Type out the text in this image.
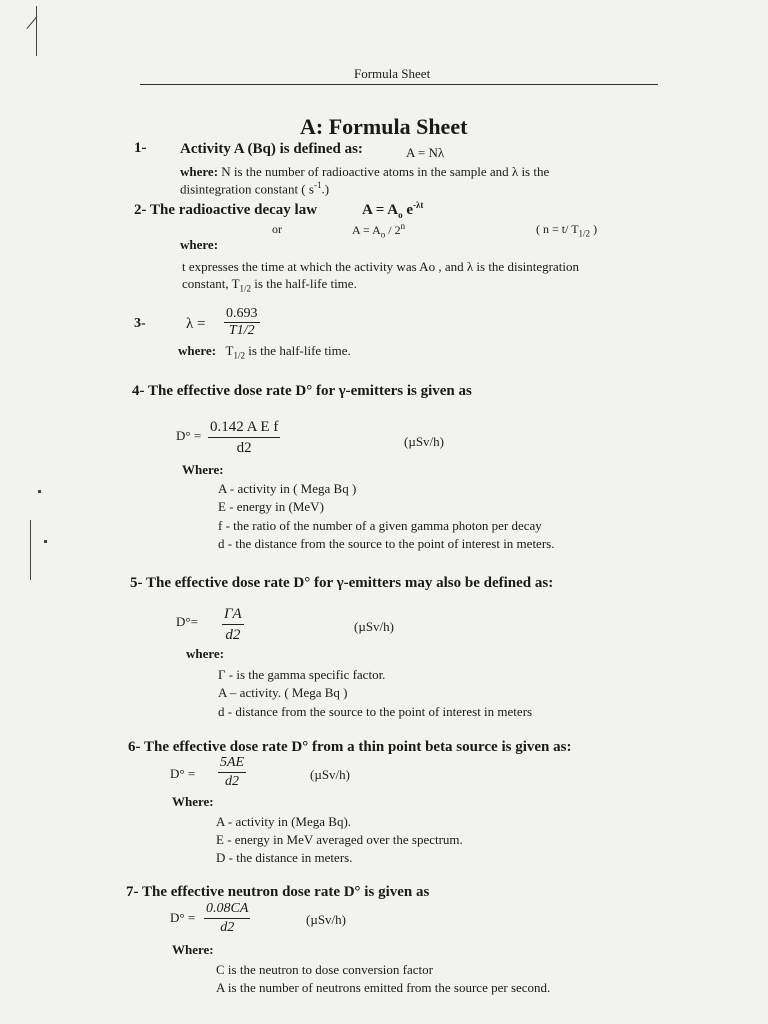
Formula Sheet
A: Formula Sheet
1- Activity A (Bq) is defined as:	A = Nλ
where: N is the number of radioactive atoms in the sample and λ is the
disintegration constant ( $s^{-1}$.)
2- The radioactive decay law	$A = A_o$ $e^{-\lambda t}$
or	$A = A_o / 2^n$	( n = t/ $T_{1/2}$ )
where:
t expresses the time at which the activity was Ao , and λ is the disintegration
constant, $T_{1/2}$ is the half-life time.
3-	$\lambda = \frac{0.693}{T1/2}$
where: $T_{1/2}$ is the half-life time.
4- The effective dose rate D° for γ-emitters is given as
$D^\circ = \frac{\text{0.142 A E f}}{d2}$	(µSv/h)
Where:
A - activity in ( Mega Bq )
E - energy in (MeV)
f - the ratio of the number of a given gamma photon per decay
d - the distance from the source to the point of interest in meters.
5- The effective dose rate D° for γ-emitters may also be defined as:
$D^\circ= \frac{\Gamma A}{d2}$	(µSv/h)
where:
Γ - is the gamma specific factor.
A – activity. ( Mega Bq )
d - distance from the source to the point of interest in meters
6- The effective dose rate D° from a thin point beta source is given as:
$D^\circ = \frac{5AE}{d2}$	(µSv/h)
Where:
A - activity in (Mega Bq).
E - energy in MeV averaged over the spectrum.
D - the distance in meters.
7- The effective neutron dose rate D° is given as
$D^\circ = \frac{0.08CA}{d2}$	(µSv/h)
Where:
C is the neutron to dose conversion factor
A is the number of neutrons emitted from the source per second.
